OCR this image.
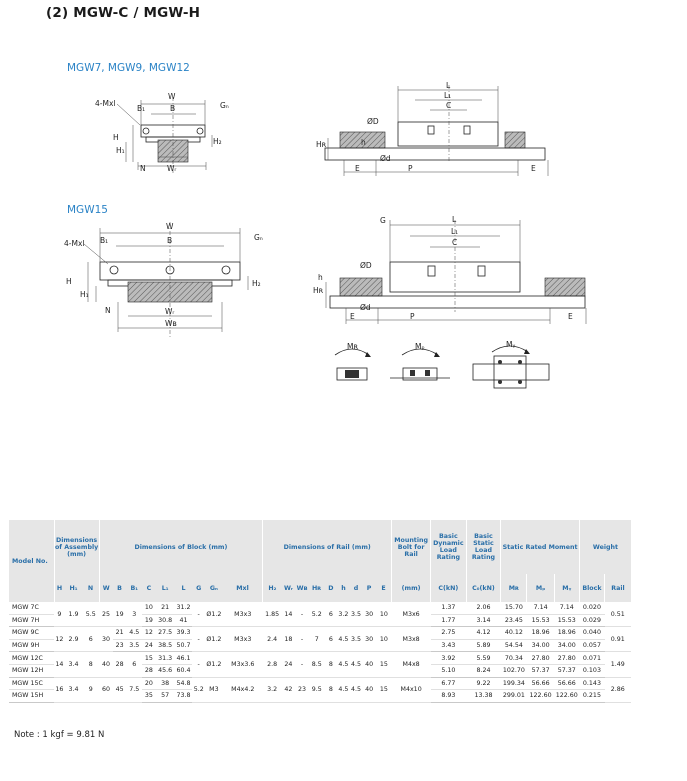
(2) MGW-C / MGW-H
MGW7, MGW9, MGW12
MGW15
W
B
B₁	Gₙ
4-Mxl
H
H₁
H₂
N	Wᵣ
L
L₁
C
ØD
Ød
h
Hʀ
E	P	E
W
B
B₁	Gₙ
4-Mxl
H
H₁
H₂
N	Wᵣ
Wʙ
L
L₁
C
G
ØD
Ød
h
Hʀ
E	P	E
Mʀ	Mₚ	Mᵧ
Model No.	Dimensions of Assembly (mm)			Dimensions of Block (mm)									Dimensions of Rail (mm)									Mounting Bolt for Rail	Basic Dynamic Load Rating	Basic Static Load Rating	Static Rated Moment			Weight	
	H	H₁	N	W	B	B₁	C	L₁	L	G	Gₙ	Mxl	H₂	Wᵣ	Wʙ	Hʀ	D	h	d	P	E	(mm)	C(kN)	C₀(kN)	Mʀ	Mₚ	Mᵧ	Block	Rail
MGW 7C	9	1.9	5.5	25	19	3	10	21	31.2	-	Ø1.2	M3x3	1.85	14	-	5.2	6	3.2	3.5	30	10	M3x6	1.37	2.06	15.70	7.14	7.14	0.020	0.51
MGW 7H							19	30.8	41														1.77	3.14	23.45	15.53	15.53	0.029	
MGW 9C	12	2.9	6	30	21	4.5	12	27.5	39.3	-	Ø1.2	M3x3	2.4	18	-	7	6	4.5	3.5	30	10	M3x8	2.75	4.12	40.12	18.96	18.96	0.040	0.91
MGW 9H					23	3.5	24	38.5	50.7														3.43	5.89	54.54	34.00	34.00	0.057	
MGW 12C	14	3.4	8	40	28	6	15	31.3	46.1	-	Ø1.2	M3x3.6	2.8	24	-	8.5	8	4.5	4.5	40	15	M4x8	3.92	5.59	70.34	27.80	27.80	0.071	1.49
MGW 12H							28	45.6	60.4														5.10	8.24	102.70	57.37	57.37	0.103	
MGW 15C	16	3.4	9	60	45	7.5	20	38	54.8	5.2	M3	M4x4.2	3.2	42	23	9.5	8	4.5	4.5	40	15	M4x10	6.77	9.22	199.34	56.66	56.66	0.143	2.86
MGW 15H							35	57	73.8														8.93	13.38	299.01	122.60	122.60	0.215	
Note : 1 kgf = 9.81 N
